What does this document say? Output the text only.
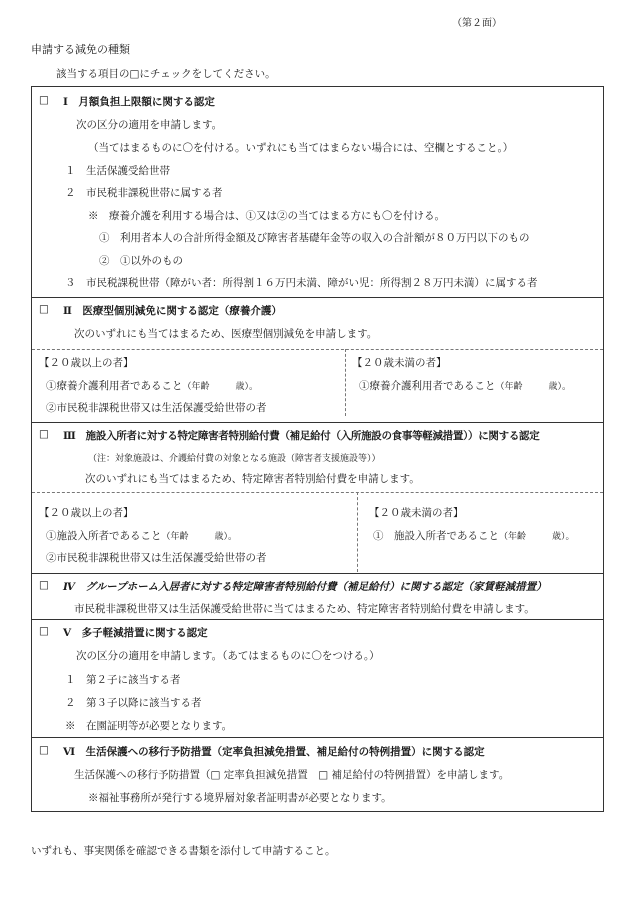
（第２面）
申請する減免の種類
該当する項目の□にチェックをしてください。
□ Ⅰ　月額負担上限額に関する認定
次の区分の適用を申請します。
（当てはまるものに〇を付ける。いずれにも当てはまらない場合には、空欄とすること。）
１　生活保護受給世帯
２　市民税非課税世帯に属する者
※　療養介護を利用する場合は、①又は②の当てはまる方にも〇を付ける。
①　利用者本人の合計所得金額及び障害者基礎年金等の収入の合計額が８０万円以下のもの
②　①以外のもの
３　市民税課税世帯（障がい者：所得割１６万円未満、障がい児：所得割２８万円未満）に属する者
□ Ⅱ　医療型個別減免に関する認定（療養介護）
次のいずれにも当てはまるため、医療型個別減免を申請します。
【２０歳以上の者】
①療養介護利用者であること（年齢	歳）。
②市民税非課税世帯又は生活保護受給世帯の者
【２０歳未満の者】
①療養介護利用者であること（年齢	歳）。
□ Ⅲ　施設入所者に対する特定障害者特別給付費（補足給付（入所施設の食事等軽減措置））に関する認定
（注：対象施設は、介護給付費の対象となる施設（障害者支援施設等））
次のいずれにも当てはまるため、特定障害者特別給付費を申請します。
【２０歳以上の者】
①施設入所者であること（年齢	歳）。
②市民税非課税世帯又は生活保護受給世帯の者
【２０歳未満の者】
①　施設入所者であること（年齢	歳）。
□ Ⅳ　グループホーム入居者に対する特定障害者特別給付費（補足給付）に関する認定（家賃軽減措置）
市民税非課税世帯又は生活保護受給世帯に当てはまるため、特定障害者特別給付費を申請します。
□ Ⅴ　多子軽減措置に関する認定
次の区分の適用を申請します。（あてはまるものに〇をつける。）
１　第２子に該当する者
２　第３子以降に該当する者
※　在園証明等が必要となります。
□ Ⅵ　生活保護への移行予防措置（定率負担減免措置、補足給付の特例措置）に関する認定
生活保護への移行予防措置（□ 定率負担減免措置　 □ 補足給付の特例措置）を申請します。
※福祉事務所が発行する境界層対象者証明書が必要となります。
いずれも、事実関係を確認できる書類を添付して申請すること。
